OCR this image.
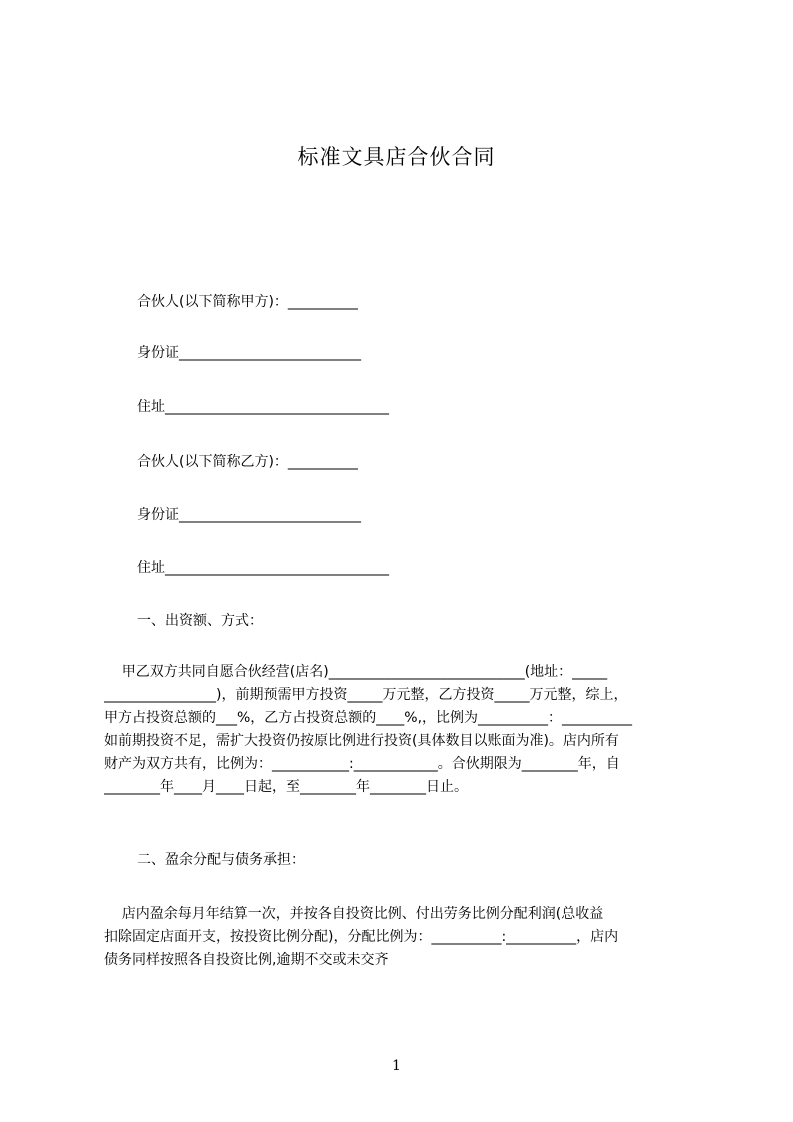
标准文具店合伙合同
合伙人(以下简称甲方)：__________
身份证__________________________
住址________________________________
合伙人(以下简称乙方)：__________
身份证__________________________
住址________________________________
一、出资额、方式：
甲乙双方共同自愿合伙经营(店名)____________________________(地址：_____
________________)，前期预需甲方投资_____万元整，乙方投资_____万元整，综上，
甲方占投资总额的___%，乙方占投资总额的____%,，比例为__________：__________
如前期投资不足，需扩大投资仍按原比例进行投资(具体数目以账面为准)。店内所有
财产为双方共有，比例为：___________:____________。合伙期限为________年，自
________年____月____日起，至________年________日止。
二、盈余分配与债务承担：
店内盈余每月年结算一次，并按各自投资比例、付出劳务比例分配利润(总收益
扣除固定店面开支，按投资比例分配)，分配比例为：__________:__________，店内
债务同样按照各自投资比例,逾期不交或未交齐
1
